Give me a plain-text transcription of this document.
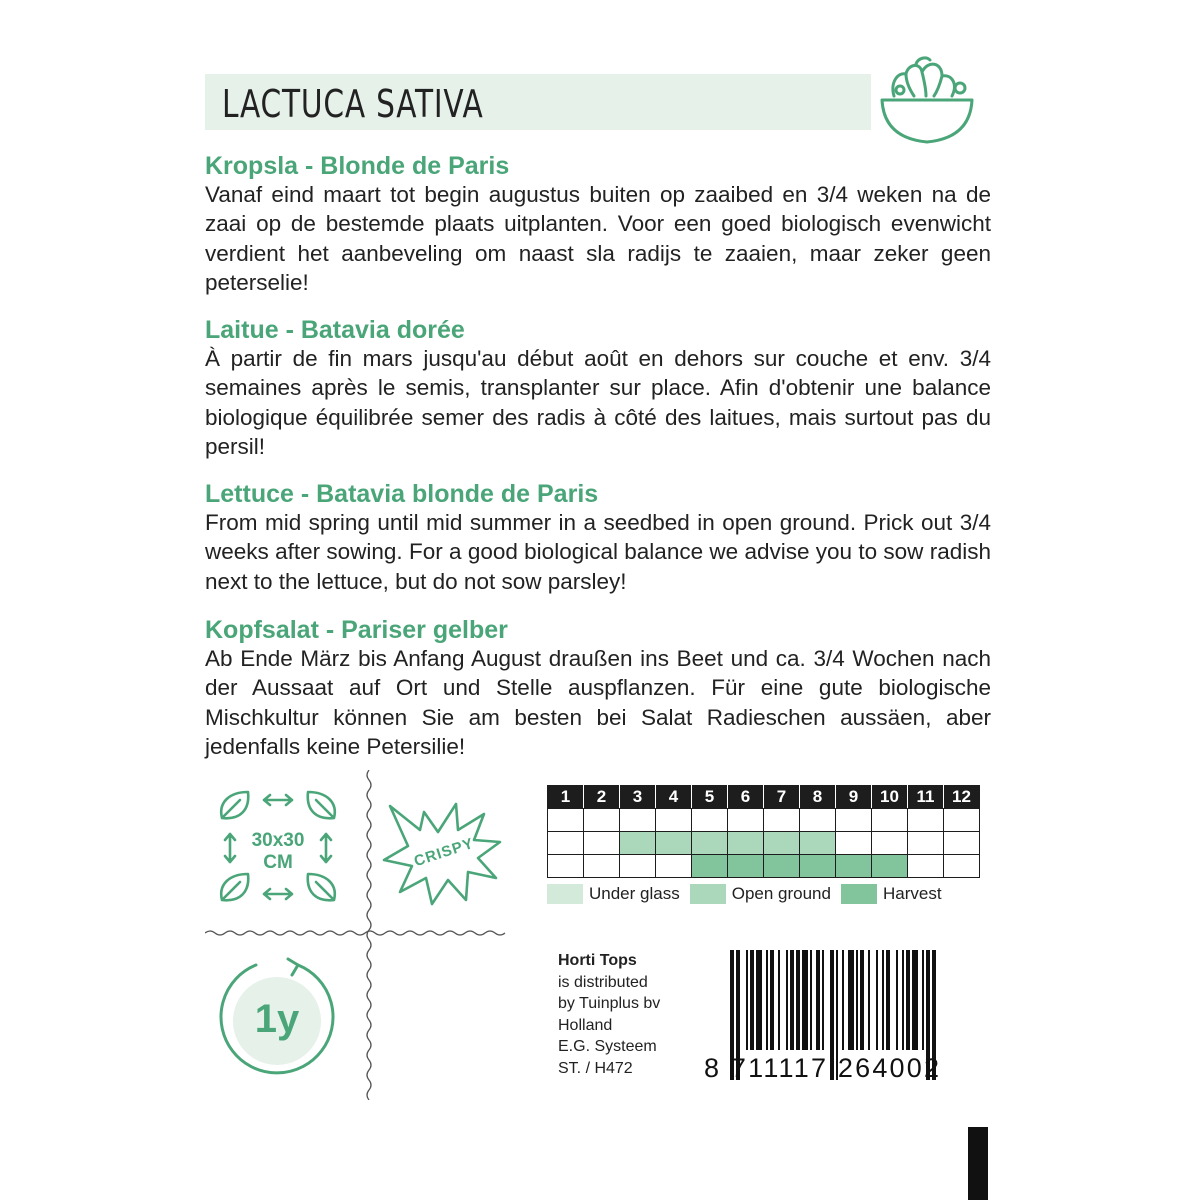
LACTUCA SATIVA
Kropsla - Blonde de Paris

Vanaf eind maart tot begin augustus buiten op zaaibed en 3/4 weken na de zaai op de bestemde plaats uitplanten. Voor een goed biologisch evenwicht verdient het aanbeveling om naast sla radijs te zaaien, maar zeker geen peterselie!

Laitue - Batavia dorée

À partir de fin mars jusqu'au début août en dehors sur couche et env. 3/4 semaines après le semis, transplanter sur place. Afin d'obtenir une balance biologique équilibrée semer des radis à côté des laitues, mais surtout pas du persil!

Lettuce - Batavia blonde de Paris

From mid spring until mid summer in a seedbed in open ground. Prick out 3/4 weeks after sowing. For a good biological balance we advise you to sow radish next to the lettuce, but do not sow parsley!

Kopfsalat - Pariser gelber

Ab Ende März bis Anfang August draußen ins Beet und ca. 3/4 Wochen nach der Aussaat auf Ort und Stelle auspflanzen. Für eine gute biologische Mischkultur können Sie am besten bei Salat Radieschen aussäen, aber jedenfalls keine Petersilie!

30x30
CM	CRISPY
1y
1	2	3	4	5	6	7	8	9	10	11	12

Under glass	Open ground	Harvest
Horti Tops
is distributed
by Tuinplus bv
Holland
E.G. Systeem
ST. / H472	8 711117 264002
